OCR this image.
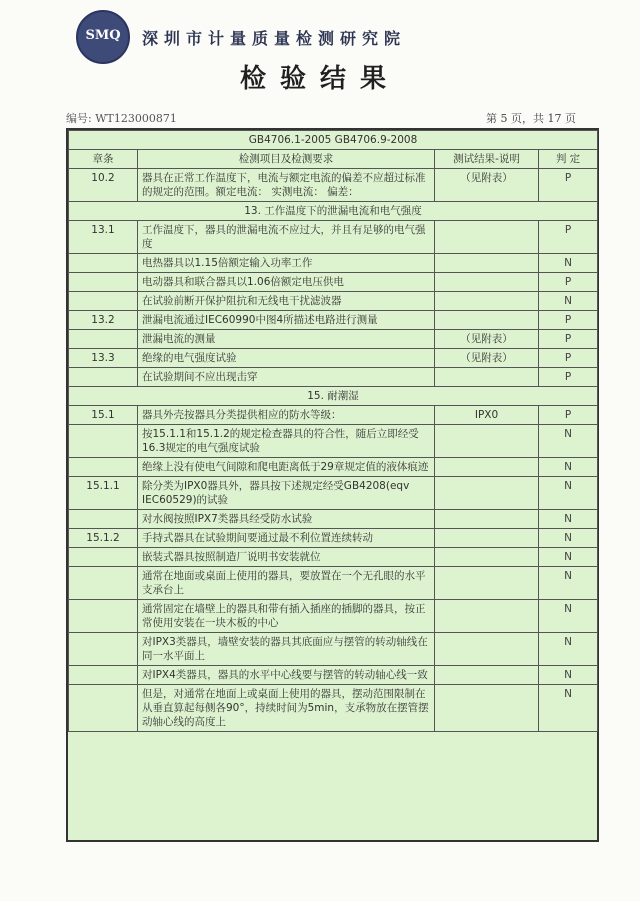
SMQ	深圳市计量质量检测研究院
检验结果
编号: WT123000871	第 5 页，共 17 页
GB4706.1-2005 GB4706.9-2008			
章条	检测项目及检测要求	测试结果-说明	判 定
10.2	器具在正常工作温度下，电流与额定电流的偏差不应超过标准的规定的范围。额定电流： 实测电流： 偏差：	（见附表）	P
13. 工作温度下的泄漏电流和电气强度			
13.1	工作温度下，器具的泄漏电流不应过大，并且有足够的电气强度		P
	电热器具以1.15倍额定输入功率工作		N
	电动器具和联合器具以1.06倍额定电压供电		P
	在试验前断开保护阻抗和无线电干扰滤波器		N
13.2	泄漏电流通过IEC60990中图4所描述电路进行测量		P
	泄漏电流的测量	（见附表）	P
13.3	绝缘的电气强度试验	（见附表）	P
	在试验期间不应出现击穿		P
15. 耐潮湿			
15.1	器具外壳按器具分类提供相应的防水等级：	IPX0	P
	按15.1.1和15.1.2的规定检查器具的符合性，随后立即经受16.3规定的电气强度试验		N
	绝缘上没有使电气间隙和爬电距离低于29章规定值的液体痕迹		N
15.1.1	除分类为IPX0器具外，器具按下述规定经受GB4208(eqv IEC60529)的试验		N
	对水阀按照IPX7类器具经受防水试验		N
15.1.2	手持式器具在试验期间要通过最不利位置连续转动		N
	嵌装式器具按照制造厂说明书安装就位		N
	通常在地面或桌面上使用的器具，要放置在一个无孔眼的水平支承台上		N
	通常固定在墙壁上的器具和带有插入插座的插脚的器具，按正常使用安装在一块木板的中心		N
	对IPX3类器具，墙壁安装的器具其底面应与摆管的转动轴线在同一水平面上		N
	对IPX4类器具，器具的水平中心线要与摆管的转动轴心线一致		N
	但是，对通常在地面上或桌面上使用的器具，摆动范围限制在从垂直算起每侧各90°，持续时间为5min，支承物放在摆管摆动轴心线的高度上		N
